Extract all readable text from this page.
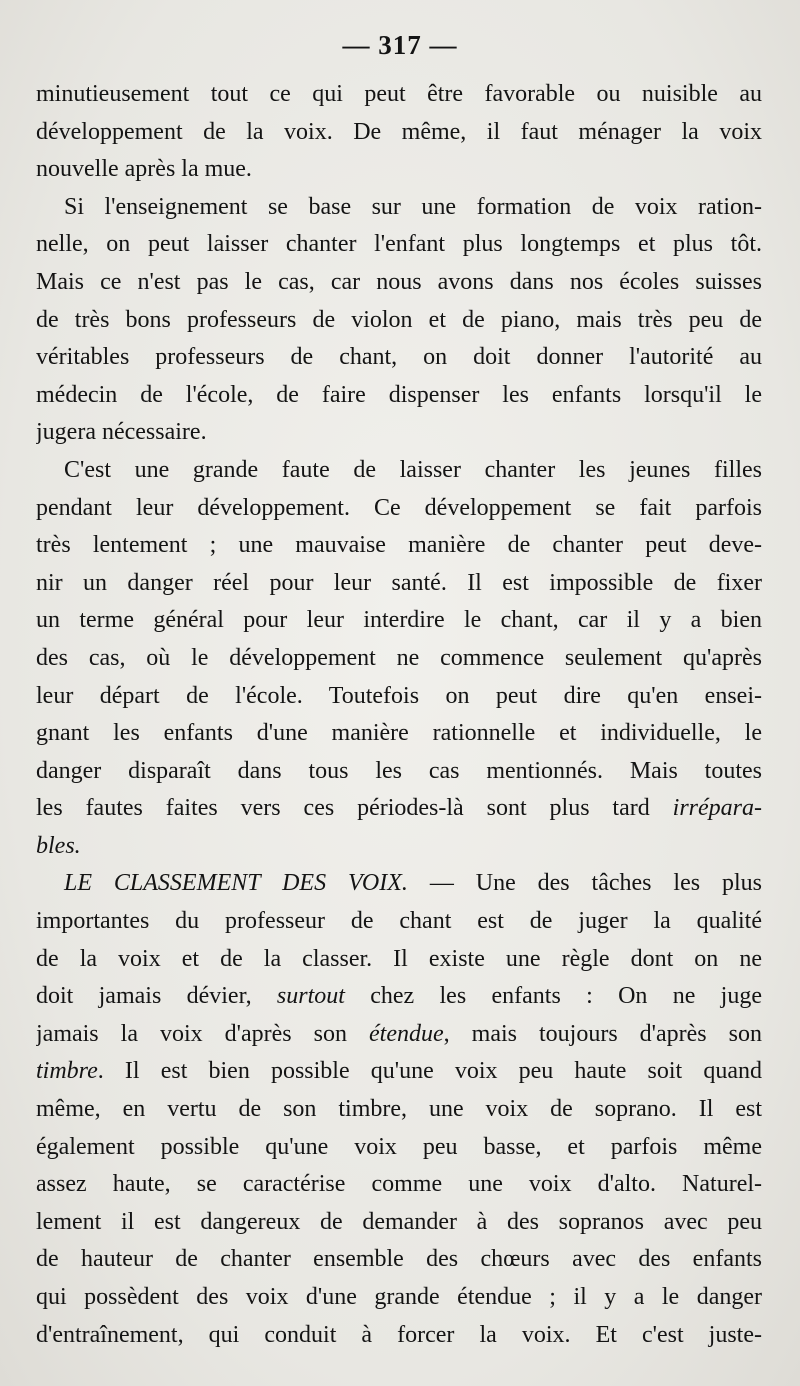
— 317 —
minutieusement tout ce qui peut être favorable ou nuisible au
développement de la voix. De même, il faut ménager la voix
nouvelle après la mue.
Si l'enseignement se base sur une formation de voix ration-
nelle, on peut laisser chanter l'enfant plus longtemps et plus tôt.
Mais ce n'est pas le cas, car nous avons dans nos écoles suisses
de très bons professeurs de violon et de piano, mais très peu de
véritables professeurs de chant, on doit donner l'autorité au
médecin de l'école, de faire dispenser les enfants lorsqu'il le
jugera nécessaire.
C'est une grande faute de laisser chanter les jeunes filles
pendant leur développement. Ce développement se fait parfois
très lentement ; une mauvaise manière de chanter peut deve-
nir un danger réel pour leur santé. Il est impossible de fixer
un terme général pour leur interdire le chant, car il y a bien
des cas, où le développement ne commence seulement qu'après
leur départ de l'école. Toutefois on peut dire qu'en ensei-
gnant les enfants d'une manière rationnelle et individuelle, le
danger disparaît dans tous les cas mentionnés. Mais toutes
les fautes faites vers ces périodes-là sont plus tard irrépara-
bles.
LE CLASSEMENT DES VOIX. — Une des tâches les plus
importantes du professeur de chant est de juger la qualité
de la voix et de la classer. Il existe une règle dont on ne
doit jamais dévier, surtout chez les enfants : On ne juge
jamais la voix d'après son étendue, mais toujours d'après son
timbre. Il est bien possible qu'une voix peu haute soit quand
même, en vertu de son timbre, une voix de soprano. Il est
également possible qu'une voix peu basse, et parfois même
assez haute, se caractérise comme une voix d'alto. Naturel-
lement il est dangereux de demander à des sopranos avec peu
de hauteur de chanter ensemble des chœurs avec des enfants
qui possèdent des voix d'une grande étendue ; il y a le danger
d'entraînement, qui conduit à forcer la voix. Et c'est juste-
